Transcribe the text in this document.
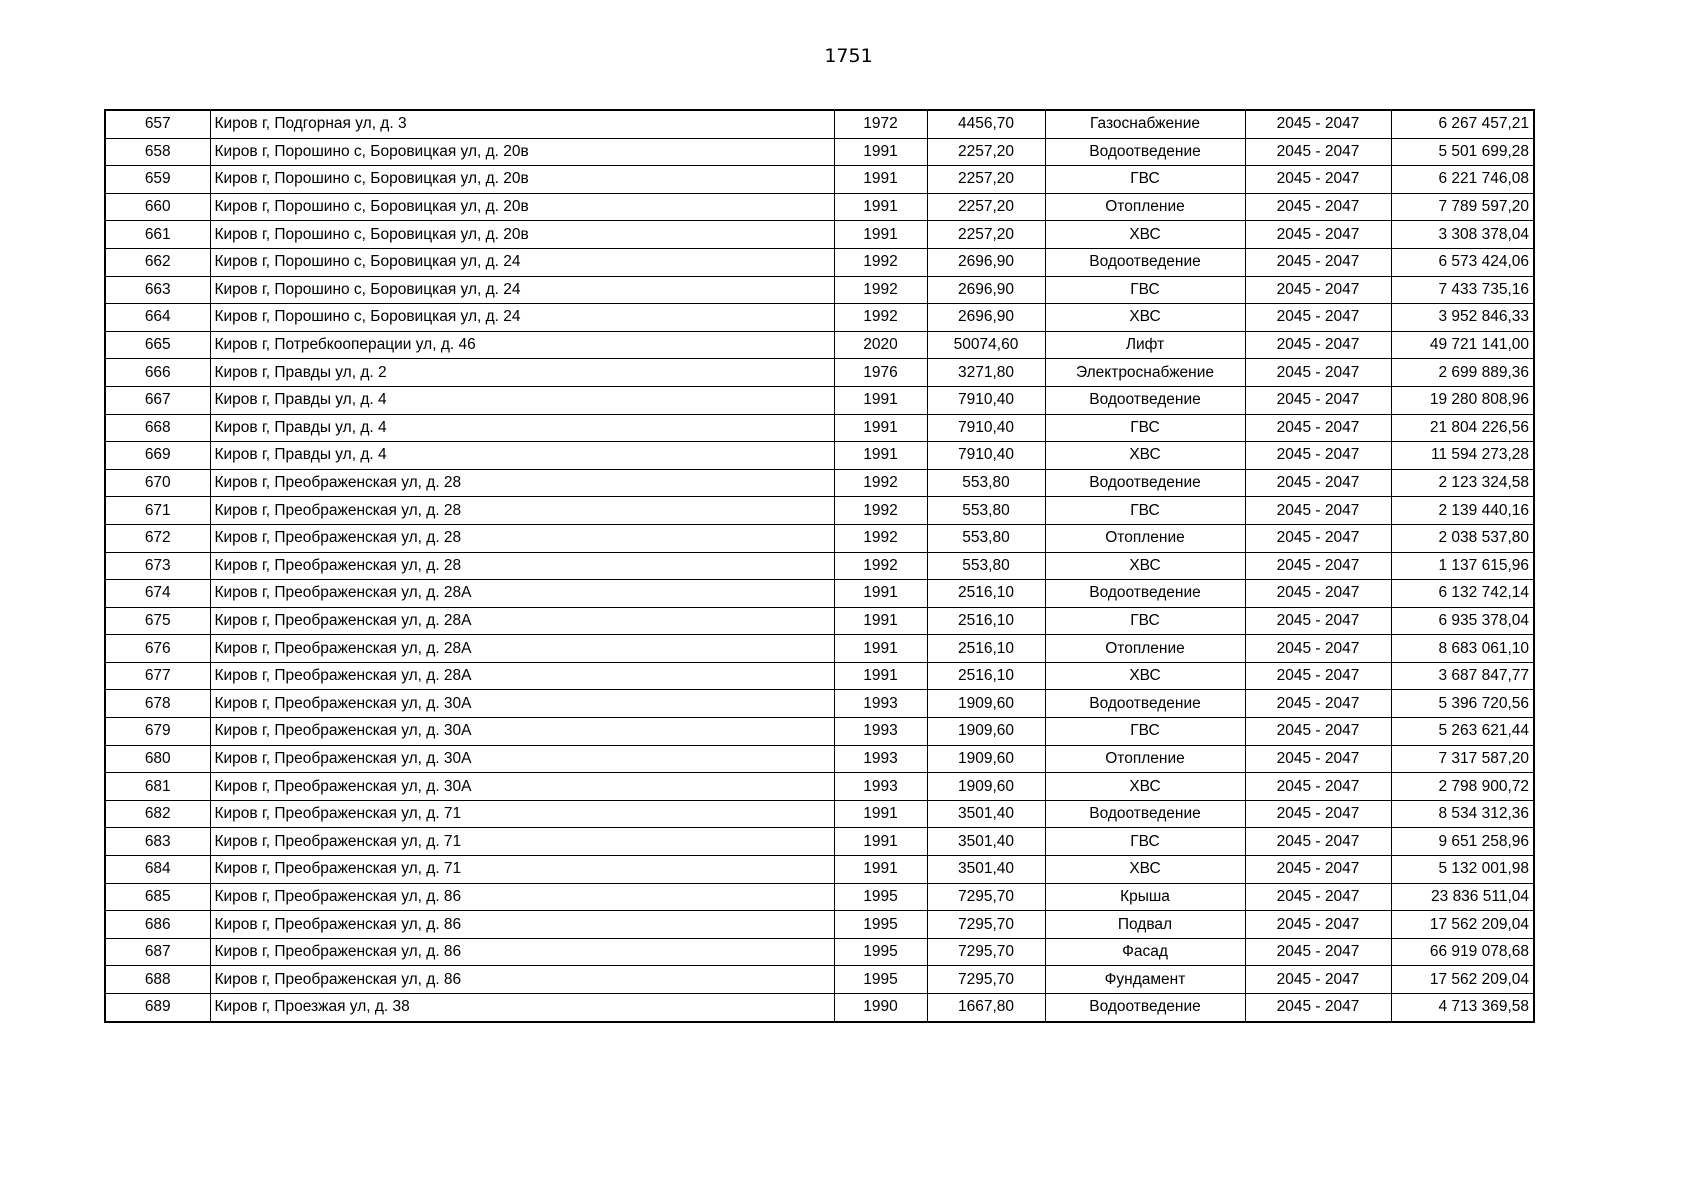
1751
657	Киров г, Подгорная ул, д. 3	1972	4456,70	Газоснабжение	2045 - 2047	6 267 457,21
658	Киров г, Порошино с, Боровицкая ул, д. 20в	1991	2257,20	Водоотведение	2045 - 2047	5 501 699,28
659	Киров г, Порошино с, Боровицкая ул, д. 20в	1991	2257,20	ГВС	2045 - 2047	6 221 746,08
660	Киров г, Порошино с, Боровицкая ул, д. 20в	1991	2257,20	Отопление	2045 - 2047	7 789 597,20
661	Киров г, Порошино с, Боровицкая ул, д. 20в	1991	2257,20	ХВС	2045 - 2047	3 308 378,04
662	Киров г, Порошино с, Боровицкая ул, д. 24	1992	2696,90	Водоотведение	2045 - 2047	6 573 424,06
663	Киров г, Порошино с, Боровицкая ул, д. 24	1992	2696,90	ГВС	2045 - 2047	7 433 735,16
664	Киров г, Порошино с, Боровицкая ул, д. 24	1992	2696,90	ХВС	2045 - 2047	3 952 846,33
665	Киров г, Потребкооперации ул, д. 46	2020	50074,60	Лифт	2045 - 2047	49 721 141,00
666	Киров г, Правды ул, д. 2	1976	3271,80	Электроснабжение	2045 - 2047	2 699 889,36
667	Киров г, Правды ул, д. 4	1991	7910,40	Водоотведение	2045 - 2047	19 280 808,96
668	Киров г, Правды ул, д. 4	1991	7910,40	ГВС	2045 - 2047	21 804 226,56
669	Киров г, Правды ул, д. 4	1991	7910,40	ХВС	2045 - 2047	11 594 273,28
670	Киров г, Преображенская ул, д. 28	1992	553,80	Водоотведение	2045 - 2047	2 123 324,58
671	Киров г, Преображенская ул, д. 28	1992	553,80	ГВС	2045 - 2047	2 139 440,16
672	Киров г, Преображенская ул, д. 28	1992	553,80	Отопление	2045 - 2047	2 038 537,80
673	Киров г, Преображенская ул, д. 28	1992	553,80	ХВС	2045 - 2047	1 137 615,96
674	Киров г, Преображенская ул, д. 28А	1991	2516,10	Водоотведение	2045 - 2047	6 132 742,14
675	Киров г, Преображенская ул, д. 28А	1991	2516,10	ГВС	2045 - 2047	6 935 378,04
676	Киров г, Преображенская ул, д. 28А	1991	2516,10	Отопление	2045 - 2047	8 683 061,10
677	Киров г, Преображенская ул, д. 28А	1991	2516,10	ХВС	2045 - 2047	3 687 847,77
678	Киров г, Преображенская ул, д. 30А	1993	1909,60	Водоотведение	2045 - 2047	5 396 720,56
679	Киров г, Преображенская ул, д. 30А	1993	1909,60	ГВС	2045 - 2047	5 263 621,44
680	Киров г, Преображенская ул, д. 30А	1993	1909,60	Отопление	2045 - 2047	7 317 587,20
681	Киров г, Преображенская ул, д. 30А	1993	1909,60	ХВС	2045 - 2047	2 798 900,72
682	Киров г, Преображенская ул, д. 71	1991	3501,40	Водоотведение	2045 - 2047	8 534 312,36
683	Киров г, Преображенская ул, д. 71	1991	3501,40	ГВС	2045 - 2047	9 651 258,96
684	Киров г, Преображенская ул, д. 71	1991	3501,40	ХВС	2045 - 2047	5 132 001,98
685	Киров г, Преображенская ул, д. 86	1995	7295,70	Крыша	2045 - 2047	23 836 511,04
686	Киров г, Преображенская ул, д. 86	1995	7295,70	Подвал	2045 - 2047	17 562 209,04
687	Киров г, Преображенская ул, д. 86	1995	7295,70	Фасад	2045 - 2047	66 919 078,68
688	Киров г, Преображенская ул, д. 86	1995	7295,70	Фундамент	2045 - 2047	17 562 209,04
689	Киров г, Проезжая ул, д. 38	1990	1667,80	Водоотведение	2045 - 2047	4 713 369,58
